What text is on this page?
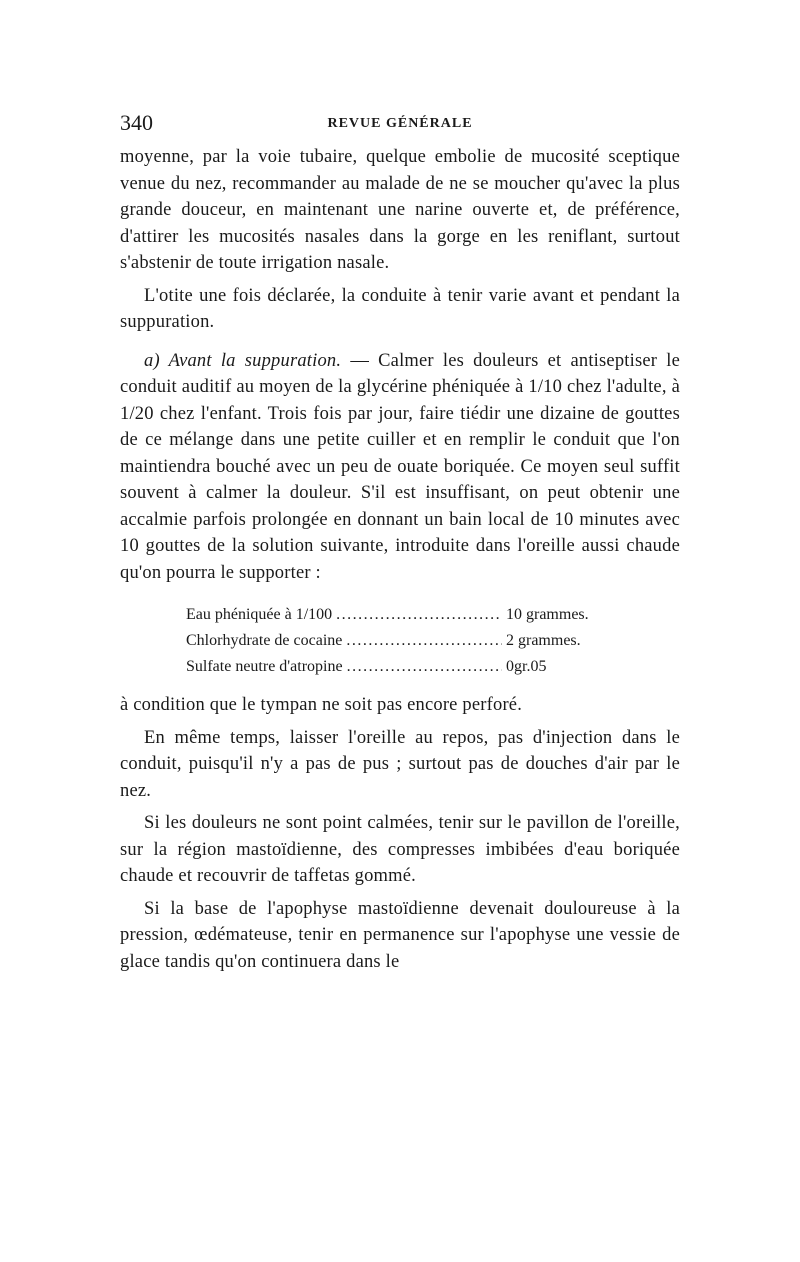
340	REVUE GÉNÉRALE

moyenne, par la voie tubaire, quelque embolie de mucosité sceptique venue du nez, recommander au malade de ne se moucher qu'avec la plus grande douceur, en maintenant une narine ouverte et, de préférence, d'attirer les mucosités nasales dans la gorge en les reniflant, surtout s'abstenir de toute irrigation nasale.

L'otite une fois déclarée, la conduite à tenir varie avant et pendant la suppuration.

a) Avant la suppuration. — Calmer les douleurs et antiseptiser le conduit auditif au moyen de la glycérine phéniquée à 1/10 chez l'adulte, à 1/20 chez l'enfant. Trois fois par jour, faire tiédir une dizaine de gouttes de ce mélange dans une petite cuiller et en remplir le conduit que l'on maintiendra bouché avec un peu de ouate boriquée. Ce moyen seul suffit souvent à calmer la douleur. S'il est insuffisant, on peut obtenir une accalmie parfois prolongée en donnant un bain local de 10 minutes avec 10 gouttes de la solution suivante, introduite dans l'oreille aussi chaude qu'on pourra le supporter :

Eau phéniquée à 1/100 .....	10 grammes.
Chlorhydrate de cocaine .....	2 grammes.
Sulfate neutre d'atropine .....	0gr.05

à condition que le tympan ne soit pas encore perforé.

En même temps, laisser l'oreille au repos, pas d'injection dans le conduit, puisqu'il n'y a pas de pus ; surtout pas de douches d'air par le nez.

Si les douleurs ne sont point calmées, tenir sur le pavillon de l'oreille, sur la région mastoïdienne, des compresses imbibées d'eau boriquée chaude et recouvrir de taffetas gommé.

Si la base de l'apophyse mastoïdienne devenait douloureuse à la pression, œdémateuse, tenir en permanence sur l'apophyse une vessie de glace tandis qu'on continuera dans le
